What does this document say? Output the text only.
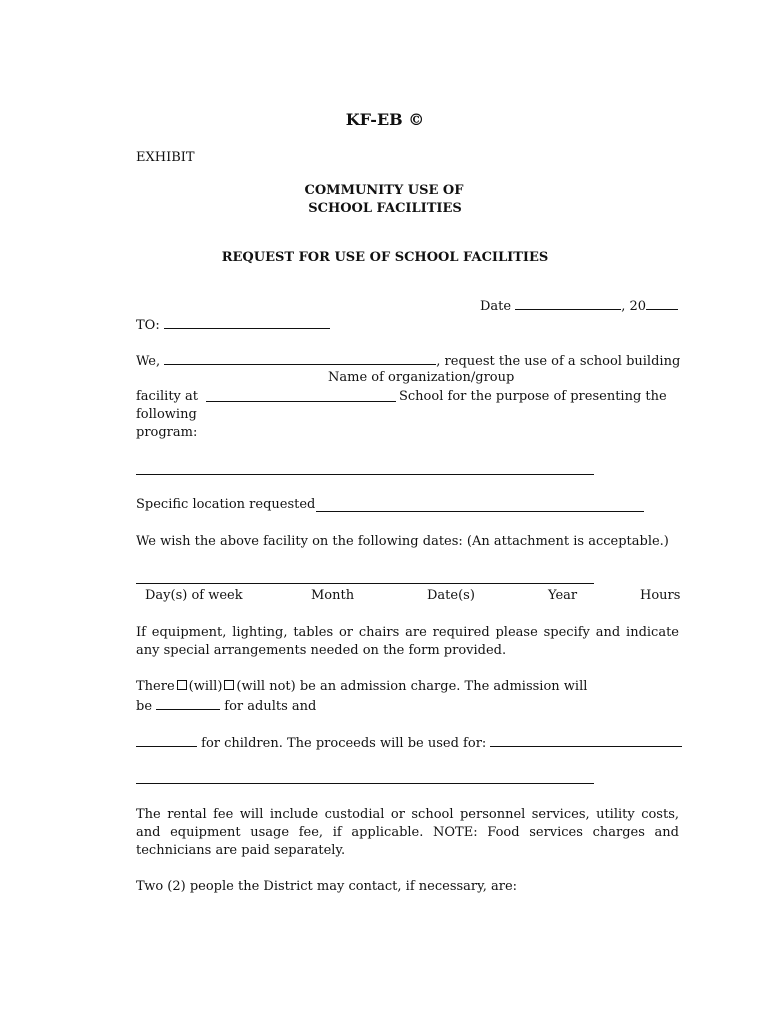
KF-EB ©
EXHIBIT
COMMUNITY USE OF
SCHOOL FACILITIES
REQUEST FOR USE OF SCHOOL FACILITIES
Date	, 20
TO:
We,	, request the use of a school building
Name of organization/group
facility at	School for the purpose of presenting the
following
program:
Specific location requested
We wish the above facility on the following dates: (An attachment is acceptable.)
Day(s) of week	Month	Date(s)	Year	Hours
If equipment, lighting, tables or chairs are required please specify and indicate any special arrangements needed on the form provided.
There (will) (will not) be an admission charge. The admission will
be	for adults and
for children. The proceeds will be used for:
The rental fee will include custodial or school personnel services, utility costs, and equipment usage fee, if applicable. NOTE: Food services charges and technicians are paid separately.
Two (2) people the District may contact, if necessary, are:
